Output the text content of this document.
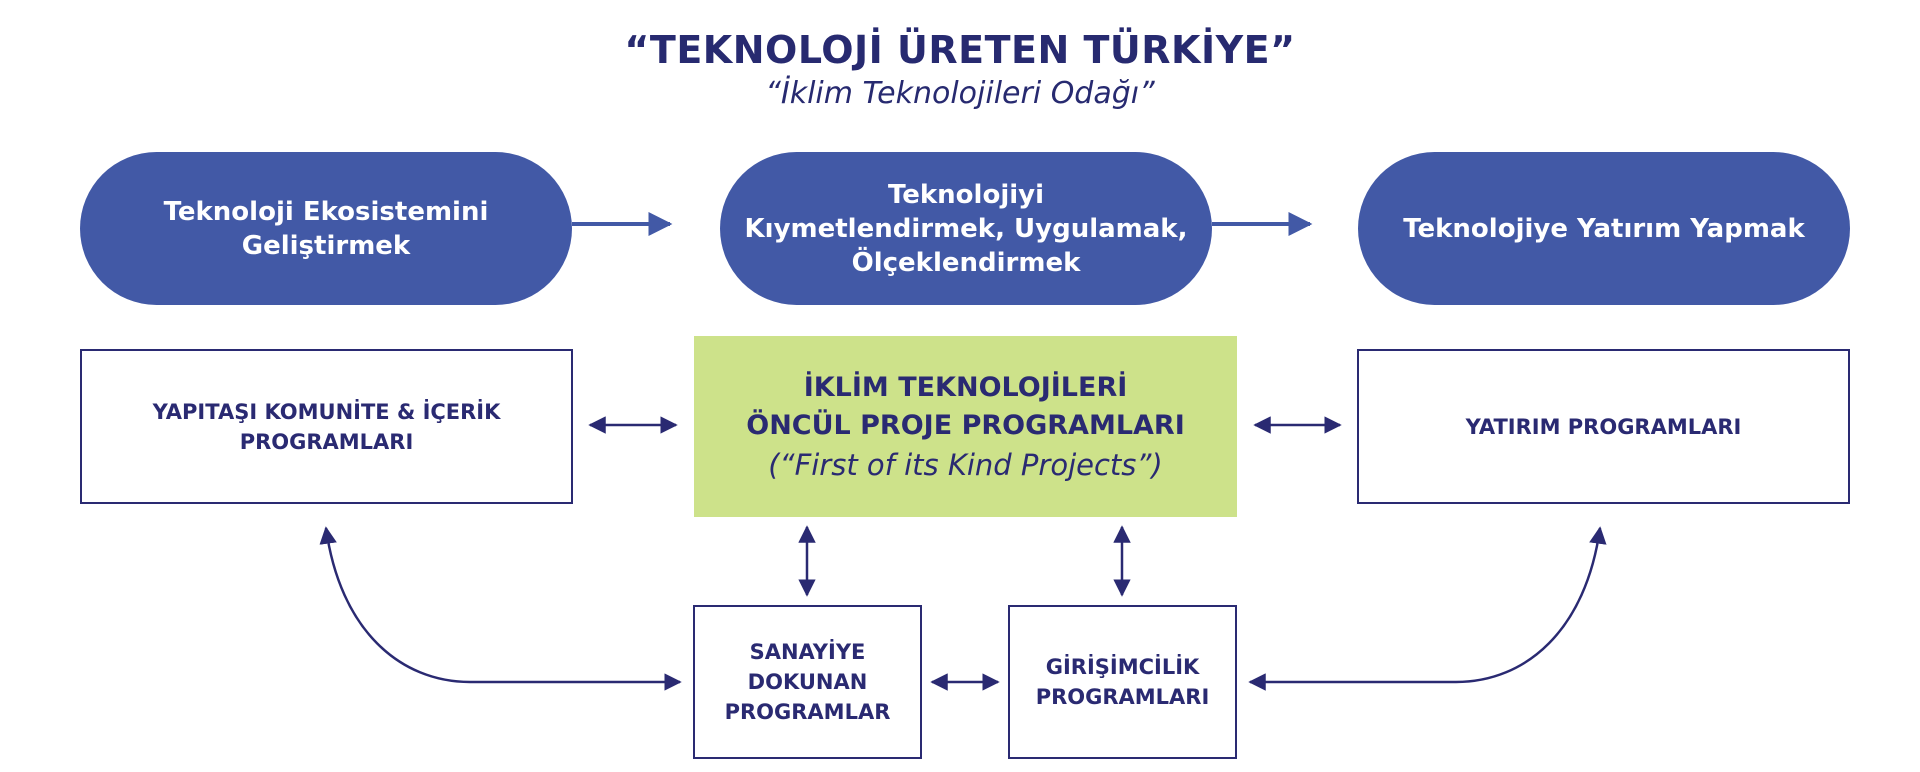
“TEKNOLOJİ ÜRETEN TÜRKİYE”
“İklim Teknolojileri Odağı”
Teknoloji Ekosistemini
Geliştirmek
Teknolojiyi
Kıymetlendirmek, Uygulamak,
Ölçeklendirmek
Teknolojiye Yatırım Yapmak
YAPITAŞI KOMUNİTE & İÇERİK
PROGRAMLARI
İKLİM TEKNOLOJİLERİ
ÖNCÜL PROJE PROGRAMLARI
(“First of its Kind Projects”)
YATIRIM PROGRAMLARI
SANAYİYE
DOKUNAN
PROGRAMLAR
GİRİŞİMCİLİK
PROGRAMLARI
